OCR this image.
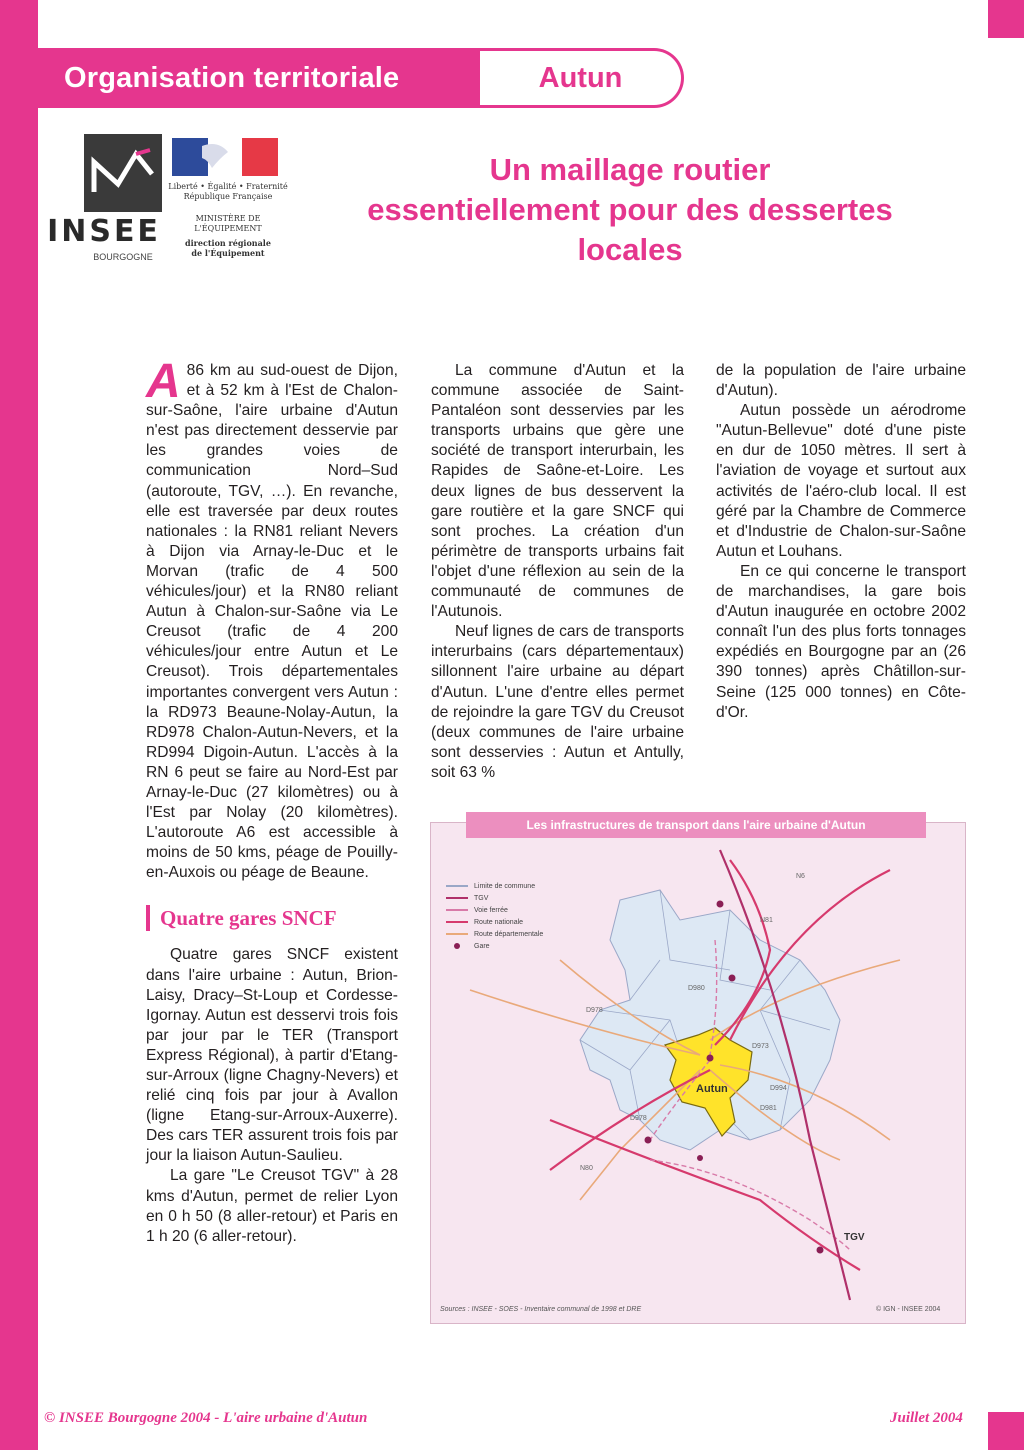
Organisation territoriale	Autun
INSEE
BOURGOGNE
Liberté • Égalité • Fraternité
République Française
MINISTÈRE DE
L'ÉQUIPEMENT
direction régionale
de l'Équipement
Un maillage routier
essentiellement pour des dessertes
locales

A 86 km au sud-ouest de Dijon, et à 52 km à l'Est de Chalon-sur-Saône, l'aire urbaine d'Autun n'est pas directement desservie par les grandes voies de communication Nord–Sud (autoroute, TGV, …). En revanche, elle est traversée par deux routes nationales : la RN81 reliant Nevers à Dijon via Arnay-le-Duc et le Morvan (trafic de 4 500 véhicules/jour) et la RN80 reliant Autun à Chalon-sur-Saône via Le Creusot (trafic de 4 200 véhicules/jour entre Autun et Le Creusot). Trois départementales importantes convergent vers Autun : la RD973 Beaune-Nolay-Autun, la RD978 Chalon-Autun-Nevers, et la RD994 Digoin-Autun. L'accès à la RN 6 peut se faire au Nord-Est par Arnay-le-Duc (27 kilomètres) ou à l'Est par Nolay (20 kilomètres). L'autoroute A6 est accessible à moins de 50 kms, péage de Pouilly-en-Auxois ou péage de Beaune.

Quatre gares SNCF

Quatre gares SNCF existent dans l'aire urbaine : Autun, Brion-Laisy, Dracy–St-Loup et Cordesse-Igornay. Autun est desservi trois fois par jour par le TER (Transport Express Régional), à partir d'Etang-sur-Arroux (ligne Chagny-Nevers) et relié cinq fois par jour à Avallon (ligne Etang-sur-Arroux-Auxerre). Des cars TER assurent trois fois par jour la liaison Autun-Saulieu.

La gare "Le Creusot TGV" à 28 kms d'Autun, permet de relier Lyon en 0 h 50 (8 aller-retour) et Paris en 1 h 20 (6 aller-retour).

La commune d'Autun et la commune associée de Saint-Pantaléon sont desservies par les transports urbains que gère une société de transport interurbain, les Rapides de Saône-et-Loire. Les deux lignes de bus desservent la gare routière et la gare SNCF qui sont proches. La création d'un périmètre de transports urbains fait l'objet d'une réflexion au sein de la communauté de communes de l'Autunois.

Neuf lignes de cars de transports interurbains (cars départementaux) sillonnent l'aire urbaine au départ d'Autun. L'une d'entre elles permet de rejoindre la gare TGV du Creusot (deux communes de l'aire urbaine sont desservies : Autun et Antully, soit 63 %

de la population de l'aire urbaine d'Autun).

Autun possède un aérodrome "Autun-Bellevue" doté d'une piste en dur de 1050 mètres. Il sert à l'aviation de voyage et surtout aux activités de l'aéro-club local. Il est géré par la Chambre de Commerce et d'Industrie de Chalon-sur-Saône Autun et Louhans.

En ce qui concerne le transport de marchandises, la gare bois d'Autun inaugurée en octobre 2002 connaît l'un des plus forts tonnages expédiés en Bourgogne par an (26 390 tonnes) après Châtillon-sur-Seine (125 000 tonnes) en Côte-d'Or.

Les infrastructures de transport dans l'aire urbaine d'Autun
Autun
TGV
N6
N81
D980
D978
D973
D994
N80
D978
D981
Limite de commune
TGV
Voie ferrée
Route nationale
Route départementale
Gare
Sources : INSEE - SOES - Inventaire communal de 1998 et DRE	© IGN - INSEE 2004
© INSEE Bourgogne 2004 - L'aire urbaine d'Autun	Juillet 2004
